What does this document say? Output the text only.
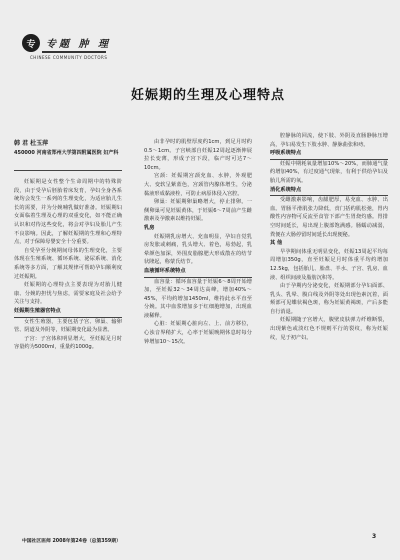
专	专题 肿 理
CHINESE COMMUNITY DOCTORS
妊娠期的生理及心理特点
韩 君 杜玉萍
450000 河南省郑州大学第四附属医院 妇产科

妊娠期是女性整个生命周期中的特殊阶段，由于受孕后胚胎着床发育，孕妇全身各系统均会发生一系列的生理变化，为适应胎儿生长的需要，并为分娩哺乳做好准备。妊娠期妇女面临着生理及心理的双重变化，如不能正确认识和对待这些变化，将会对孕妇及胎儿产生不良影响。因此，了解妊娠期的生理和心理特点，对于保障母婴安全十分重要。

自受孕至分娩期间母体的生理变化，主要体现在生殖系统、循环系统、泌尿系统、消化系统等多方面，了解其规律可帮助孕妇顺利度过妊娠期。

妊娠期的心理特点主要表现为对胎儿健康、分娩的担忧与焦虑，需要家庭及社会给予关注与支持。

妊娠期生殖器官特点

女性生殖器，主要包括子宫、卵巢、输卵管、阴道及外阴等，妊娠期变化最为显著。

子宫：子宫体积明显增大，至妊娠足月时容量约为5000ml，重量约1000g。

由非孕时的肌壁厚度约1cm，到足月时约0.5～1cm。子宫峡部自妊娠12周起逐渐伸展拉长变薄，形成子宫下段，临产时可达7～10cm。

宫颈：妊娠期宫颈充血、水肿，外观肥大、变软呈紫蓝色，宫颈管内腺体增生，分泌黏液形成黏液栓，可防止病原体侵入宫腔。

卵巢：妊娠期卵巢略增大，停止排卵。一侧卵巢可见妊娠黄体，于妊娠6～7周前产生雌激素及孕激素以维持妊娠。

乳房

妊娠期乳房增大、充血明显，孕妇自觉乳房发胀或刺痛，乳头增大、着色，易勃起，乳晕颜色加深，外围皮脂腺肥大形成散在的结节状隆起，称蒙氏结节。

血液循环系统特点

血容量：循环血容量于妊娠6～8周开始增加，至妊娠32～34周达高峰，增加40%～45%，平均约增加1450ml，维持此水平直至分娩。其中血浆增加多于红细胞增加，出现血液稀释。

心脏：妊娠期心脏向左、上、前方移位，心浊音界稍扩大，心率于妊娠晚期休息时每分钟增加10～15次。

腔静脉的回流，使下肢、外阴及直肠静脉压增高，孕妇易发生下肢水肿、静脉曲张和痔。

呼吸系统特点

妊娠中期耗氧量增加10%～20%，而肺通气量约增加40%，有过度通气现象，有利于供给孕妇及胎儿所需的氧。

消化系统特点

受雌激素影响，齿龈肥厚，易充血、水肿、出血。胃肠平滑肌张力降低，贲门括约肌松弛，胃内酸性内容物可反流至食管下部产生胃烧灼感。胃排空时间延长，易出现上腹部饱满感。肠蠕动减弱，粪便在大肠停留时间延长出现便秘。

其 他

早孕期间体重无明显变化，妊娠13周起平均每周增加350g，直至妊娠足月时体重平均约增加12.5kg，包括胎儿、胎盘、羊水、子宫、乳房、血液、组织间液及脂肪沉积等。

由于孕期内分泌变化，妊娠期部分孕妇面部、乳头、乳晕、腹白线及外阴等处出现色素沉着，面颊部可见蝶状褐色斑，称为妊娠黄褐斑，产后多能自行消退。

妊娠期随子宫增大，腹壁皮肤弹力纤维断裂，出现紫色或淡红色不规则平行的裂纹，称为妊娠纹，见于初产妇。

中国社区医师 2008年第24卷（总第359期）
3
